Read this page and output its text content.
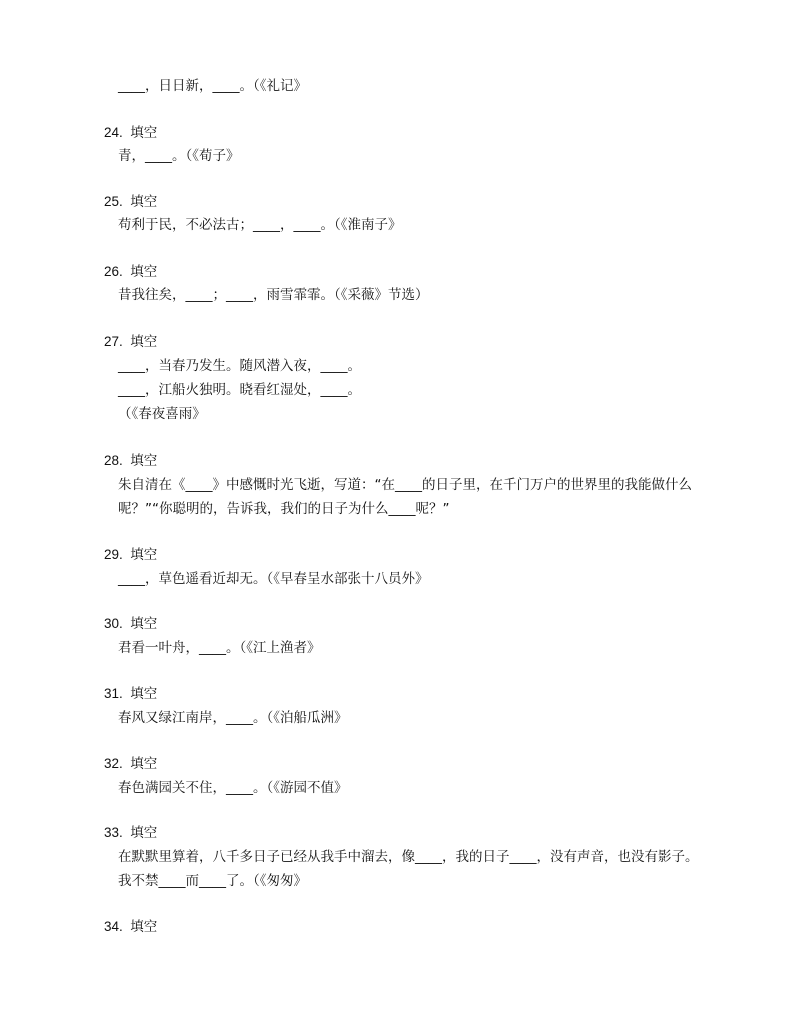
____，日日新，____。（《礼记》
24. 填空
青，____。（《荀子》
25. 填空
苟利于民，不必法古；____，____。（《淮南子》
26. 填空
昔我往矣，____；____，雨雪霏霏。（《采薇》节选）
27. 填空
____，当春乃发生。随风潜入夜，____。
____，江船火独明。晓看红湿处，____。
（《春夜喜雨》
28. 填空
朱自清在《____》中感慨时光飞逝，写道：“在____的日子里，在千门万户的世界里的我能做什么
呢？”“你聪明的，告诉我，我们的日子为什么____呢？”
29. 填空
____，草色遥看近却无。（《早春呈水部张十八员外》
30. 填空
君看一叶舟，____。（《江上渔者》
31. 填空
春风又绿江南岸，____。（《泊船瓜洲》
32. 填空
春色满园关不住，____。（《游园不值》
33. 填空
在默默里算着，八千多日子已经从我手中溜去，像____，我的日子____，没有声音，也没有影子。
我不禁____而____了。（《匆匆》
34. 填空
